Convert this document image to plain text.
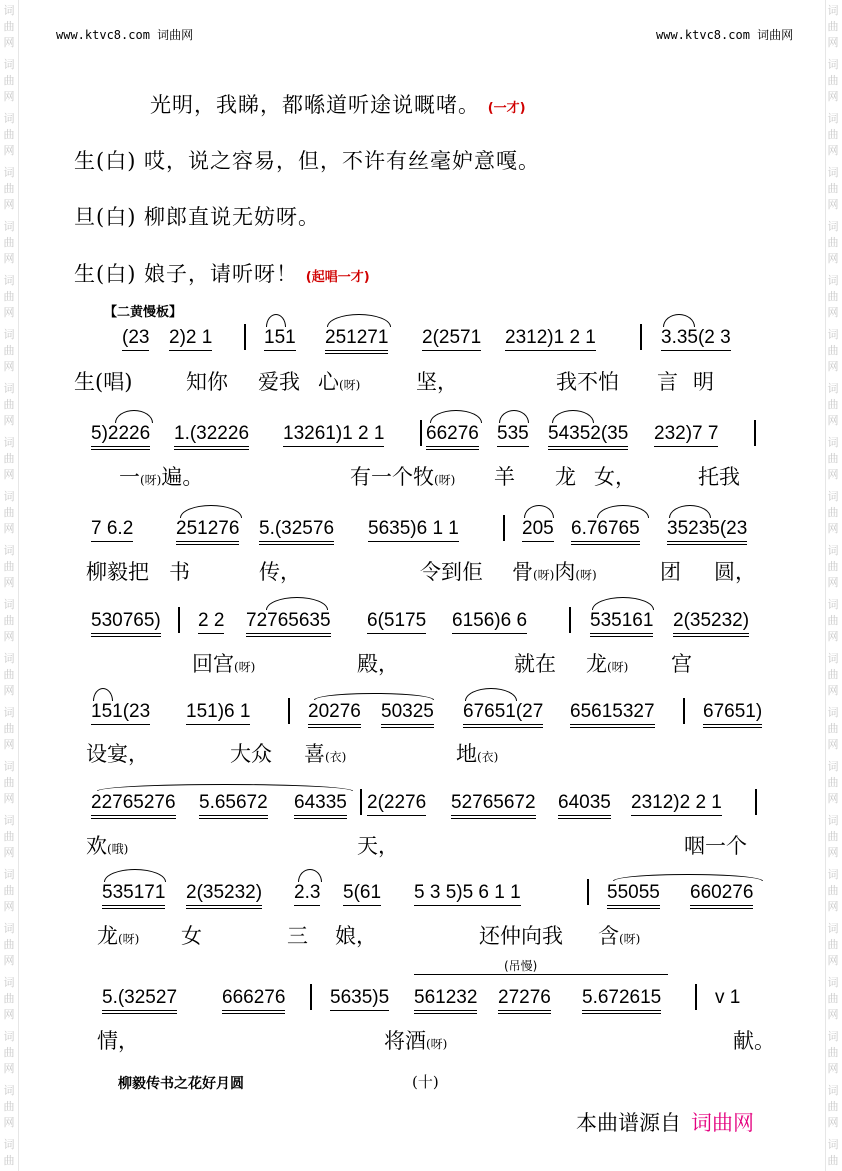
词
曲
网
词
曲
网
词
曲
网
词
曲
网
词
曲
网
词
曲
网
词
曲
网
词
曲
网
词
曲
网
词
曲
网
词
曲
网
词
曲
网
词
曲
网
词
曲
网
词
曲
网
词
曲
网
词
曲
网
词
曲
网
词
曲
网
词
曲
网
词
曲
网
词
曲
词
曲
网
词
曲
网
词
曲
网
词
曲
网
词
曲
网
词
曲
网
词
曲
网
词
曲
网
词
曲
网
词
曲
网
词
曲
网
词
曲
网
词
曲
网
词
曲
网
词
曲
网
词
曲
网
词
曲
网
词
曲
网
词
曲
网
词
曲
网
词
曲
网
词
曲
www.ktvc8.com 词曲网	www.ktvc8.com 词曲网
光明，我睇，都喺道听途说嘅啫。 (一才)
生(白) 哎，说之容易，但，不许有丝毫妒意嘎。
旦(白) 柳郎直说无妨呀。
生(白) 娘子，请听呀！ (起唱一才)
【二黄慢板】
(23 2)2 1	151 251271 2(2571 2312)1 2 1	3.35(2 3
生(唱)	知你 爱我 心(呀)	坚，	我不怕 言 明
5)2226 1.(32226 13261)1 2 1 66276 535 54352(35 232)7 7
一(呀)遍。	有一个牧(呀) 羊 龙 女，	托我
7 6.2 251276 5.(32576 5635)6 1 1	205 6.76765 35235(23
柳毅把 书	传，	令到佢 骨(呀)肉(呀)	团 圆，
530765) 2 2 72765635 6(5175 6156)6 6	535161 2(35232)
回宫(呀)	殿，	就在 龙(呀) 宫
151(23 151)6 1	20276 50325 67651(27 65615327	67651)
设宴，	大众 喜(衣)	地(衣)
22765276 5.65672 64335 2(2276 52765672 64035 2312)2 2 1
欢(哦)	天，	咽一个
535171 2(35232) 2.3 5(61 5 3 5)5 6 1 1	55055 660276
龙(呀) 女	三 娘，	还仲向我 含(呀)
(吊慢)
5.(32527 666276 5635)5 561232 27276 5.672615	v 1
情，	将酒(呀)	献。
柳毅传书之花好月圆	(十)
本曲谱源自 词曲网
